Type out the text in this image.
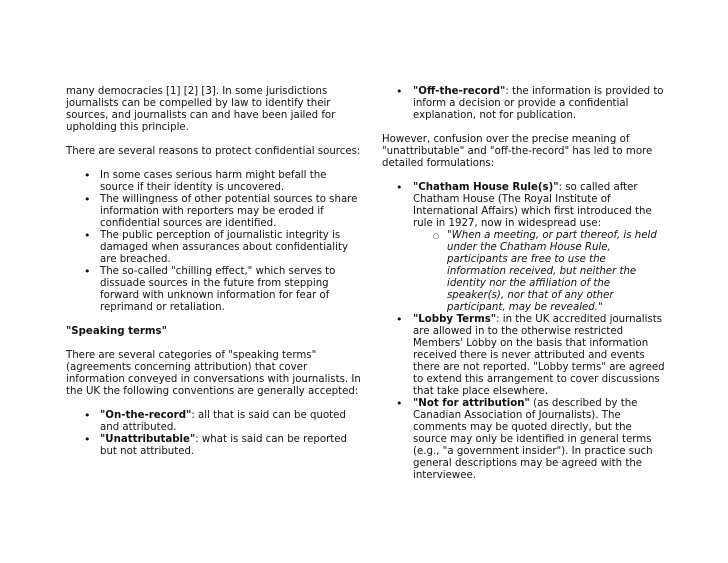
many democracies [1] [2] [3]. In some jurisdictions journalists can be compelled by law to identify their sources, and journalists can and have been jailed for upholding this principle.

There are several reasons to protect confidential sources:

• In some cases serious harm might befall the source if their identity is uncovered.
• The willingness of other potential sources to share information with reporters may be eroded if confidential sources are identified.
• The public perception of journalistic integrity is damaged when assurances about confidentiality are breached.
• The so-called "chilling effect," which serves to dissuade sources in the future from stepping forward with unknown information for fear of reprimand or retaliation.

"Speaking terms"

There are several categories of "speaking terms" (agreements concerning attribution) that cover information conveyed in conversations with journalists. In the UK the following conventions are generally accepted:

• "On-the-record": all that is said can be quoted and attributed.
• "Unattributable": what is said can be reported but not attributed.
• "Off-the-record": the information is provided to inform a decision or provide a confidential explanation, not for publication.

However, confusion over the precise meaning of "unattributable" and "off-the-record" has led to more detailed formulations:

• "Chatham House Rule(s)": so called after Chatham House (The Royal Institute of International Affairs) which first introduced the rule in 1927, now in widespread use:
○ "When a meeting, or part thereof, is held under the Chatham House Rule, participants are free to use the information received, but neither the identity nor the affiliation of the speaker(s), nor that of any other participant, may be revealed."
• "Lobby Terms": in the UK accredited journalists are allowed in to the otherwise restricted Members' Lobby on the basis that information received there is never attributed and events there are not reported. "Lobby terms" are agreed to extend this arrangement to cover discussions that take place elsewhere.
• "Not for attribution" (as described by the Canadian Association of Journalists). The comments may be quoted directly, but the source may only be identified in general terms (e.g., "a government insider"). In practice such general descriptions may be agreed with the interviewee.
